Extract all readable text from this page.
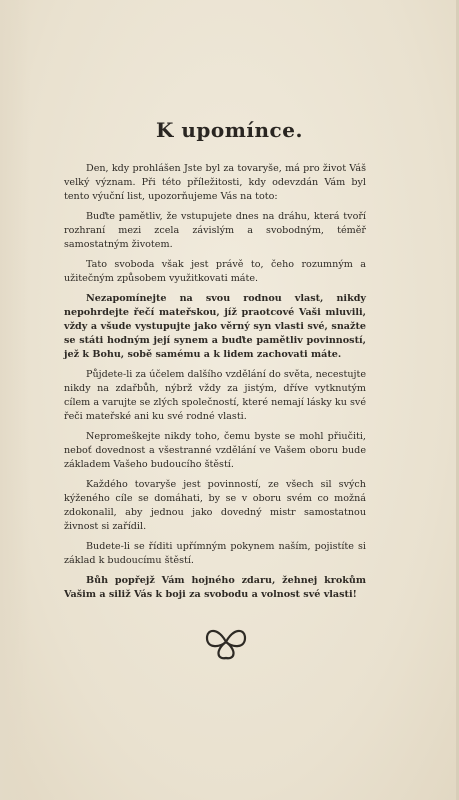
K upomínce.

Den, kdy prohlášen Jste byl za tovaryše, má pro život Váš velký význam. Při této příležitosti, kdy odevzdán Vám byl tento výuční list, upozorňujeme Vás na toto:

Buďte pamětliv, že vstupujete dnes na dráhu, která tvoří rozhraní mezi zcela závislým a svobodným, téměř samostatným životem.

Tato svoboda však jest právě to, čeho rozumným a užitečným způsobem využitkovati máte.

Nezapomínejte na svou rodnou vlast, nikdy nepohrdejte řečí mateřskou, jíž praotcové Vaši mluvili, vždy a všude vystupujte jako věrný syn vlasti své, snažte se státi hodným její synem a buďte pamětliv povinností, jež k Bohu, sobě samému a k lidem zachovati máte.

Půjdete-li za účelem dalšího vzdělání do světa, necestujte nikdy na zdařbůh, nýbrž vždy za jistým, dříve vytknutým cílem a varujte se zlých společností, které nemají lásky ku své řeči mateřské ani ku své rodné vlasti.

Nepromeškejte nikdy toho, čemu byste se mohl přiučiti, neboť dovednost a všestranné vzdělání ve Vašem oboru bude základem Vašeho budoucího štěstí.

Každého tovaryše jest povinností, ze všech sil svých kýženého cíle se domáhati, by se v oboru svém co možná zdokonalil, aby jednou jako dovedný mistr samostatnou živnost si zařídil.

Budete-li se říditi upřímným pokynem naším, pojistíte si základ k budoucímu štěstí.

Bůh popřejž Vám hojného zdaru, žehnej krokům Vašim a siliž Vás k boji za svobodu a volnost své vlasti!
